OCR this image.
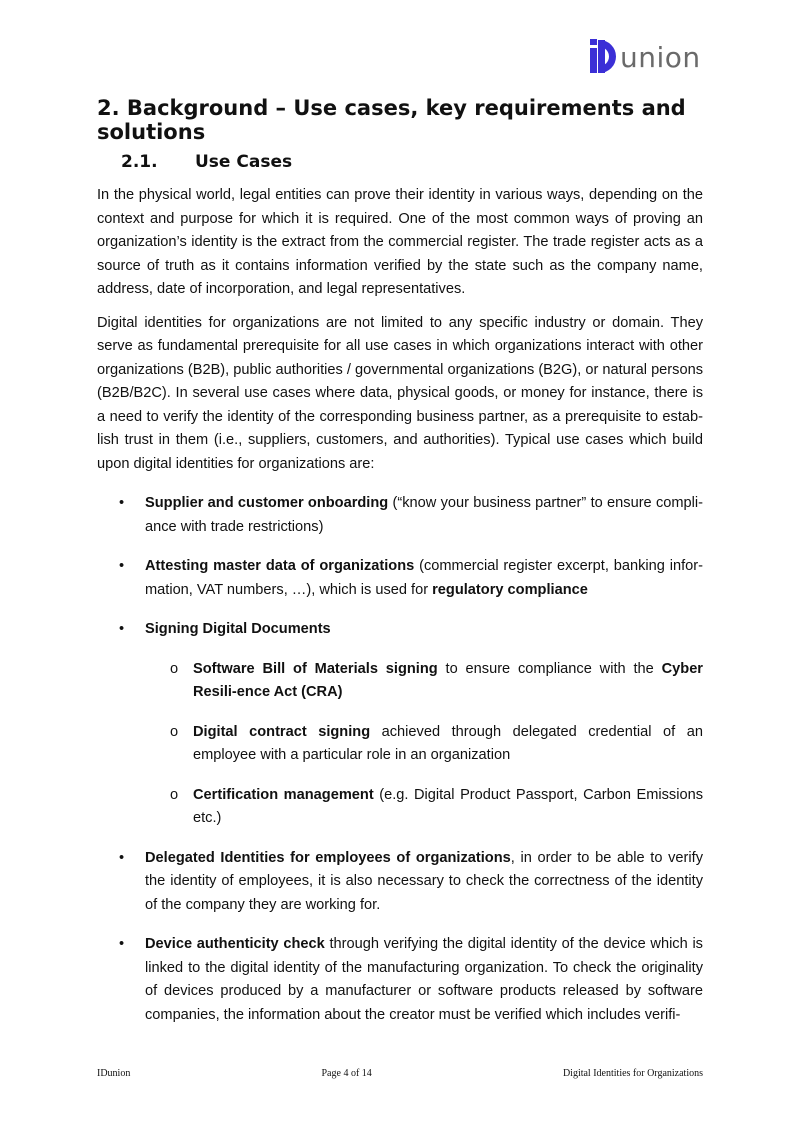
union
2. Background – Use cases, key requirements and solutions
2.1. Use Cases

In the physical world, legal entities can prove their identity in various ways, depending on the context and purpose for which it is required. One of the most common ways of proving an organization’s identity is the extract from the commercial register. The trade register acts as a source of truth as it contains information verified by the state such as the company name, address, date of incorporation, and legal representatives.

Digital identities for organizations are not limited to any specific industry or domain. They serve as fundamental prerequisite for all use cases in which organizations interact with other organizations (B2B), public authorities / governmental organizations (B2G), or natural persons (B2B/B2C). In several use cases where data, physical goods, or money for instance, there is a need to verify the identity of the corresponding business partner, as a prerequisite to estab-lish trust in them (i.e., suppliers, customers, and authorities). Typical use cases which build upon digital identities for organizations are:

• Supplier and customer onboarding (“know your business partner” to ensure compli-ance with trade restrictions)
• Attesting master data of organizations (commercial register excerpt, banking infor-mation, VAT numbers, …), which is used for regulatory compliance
• Signing Digital Documents
o Software Bill of Materials signing to ensure compliance with the Cyber Resili-ence Act (CRA)
o Digital contract signing achieved through delegated credential of an employee with a particular role in an organization
o Certification management (e.g. Digital Product Passport, Carbon Emissions etc.)
• Delegated Identities for employees of organizations, in order to be able to verify the identity of employees, it is also necessary to check the correctness of the identity of the company they are working for.
• Device authenticity check through verifying the digital identity of the device which is linked to the digital identity of the manufacturing organization. To check the originality of devices produced by a manufacturer or software products released by software companies, the information about the creator must be verified which includes verifi-
IDunion	Page 4 of 14	Digital Identities for Organizations
